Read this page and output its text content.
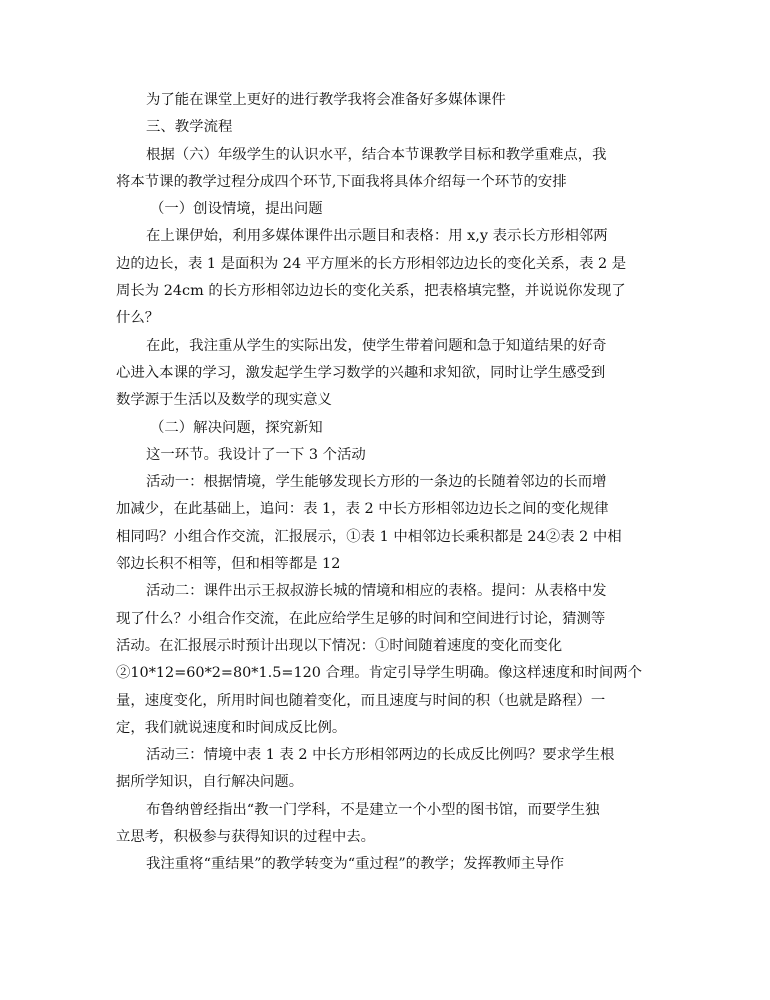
为了能在课堂上更好的进行教学我将会准备好多媒体课件
三、教学流程
根据（六）年级学生的认识水平，结合本节课教学目标和教学重难点，我
将本节课的教学过程分成四个环节,下面我将具体介绍每一个环节的安排
（一）创设情境，提出问题
在上课伊始，利用多媒体课件出示题目和表格：用 x,y 表示长方形相邻两
边的边长，表 1 是面积为 24 平方厘米的长方形相邻边边长的变化关系，表 2 是
周长为 24cm 的长方形相邻边边长的变化关系，把表格填完整，并说说你发现了
什么？
在此，我注重从学生的实际出发，使学生带着问题和急于知道结果的好奇
心进入本课的学习，激发起学生学习数学的兴趣和求知欲，同时让学生感受到
数学源于生活以及数学的现实意义
（二）解决问题，探究新知
这一环节。我设计了一下 3 个活动
活动一：根据情境，学生能够发现长方形的一条边的长随着邻边的长而增
加减少，在此基础上，追问：表 1，表 2 中长方形相邻边边长之间的变化规律
相同吗？小组合作交流，汇报展示，①表 1 中相邻边长乘积都是 24②表 2 中相
邻边长积不相等，但和相等都是 12
活动二：课件出示王叔叔游长城的情境和相应的表格。提问：从表格中发
现了什么？小组合作交流，在此应给学生足够的时间和空间进行讨论，猜测等
活动。在汇报展示时预计出现以下情况：①时间随着速度的变化而变化
②10*12=60*2=80*1.5=120 合理。肯定引导学生明确。像这样速度和时间两个
量，速度变化，所用时间也随着变化，而且速度与时间的积（也就是路程）一
定，我们就说速度和时间成反比例。
活动三：情境中表 1 表 2 中长方形相邻两边的长成反比例吗？要求学生根
据所学知识，自行解决问题。
布鲁纳曾经指出“教一门学科，不是建立一个小型的图书馆，而要学生独
立思考，积极参与获得知识的过程中去。
我注重将“重结果”的教学转变为“重过程”的教学；发挥教师主导作
